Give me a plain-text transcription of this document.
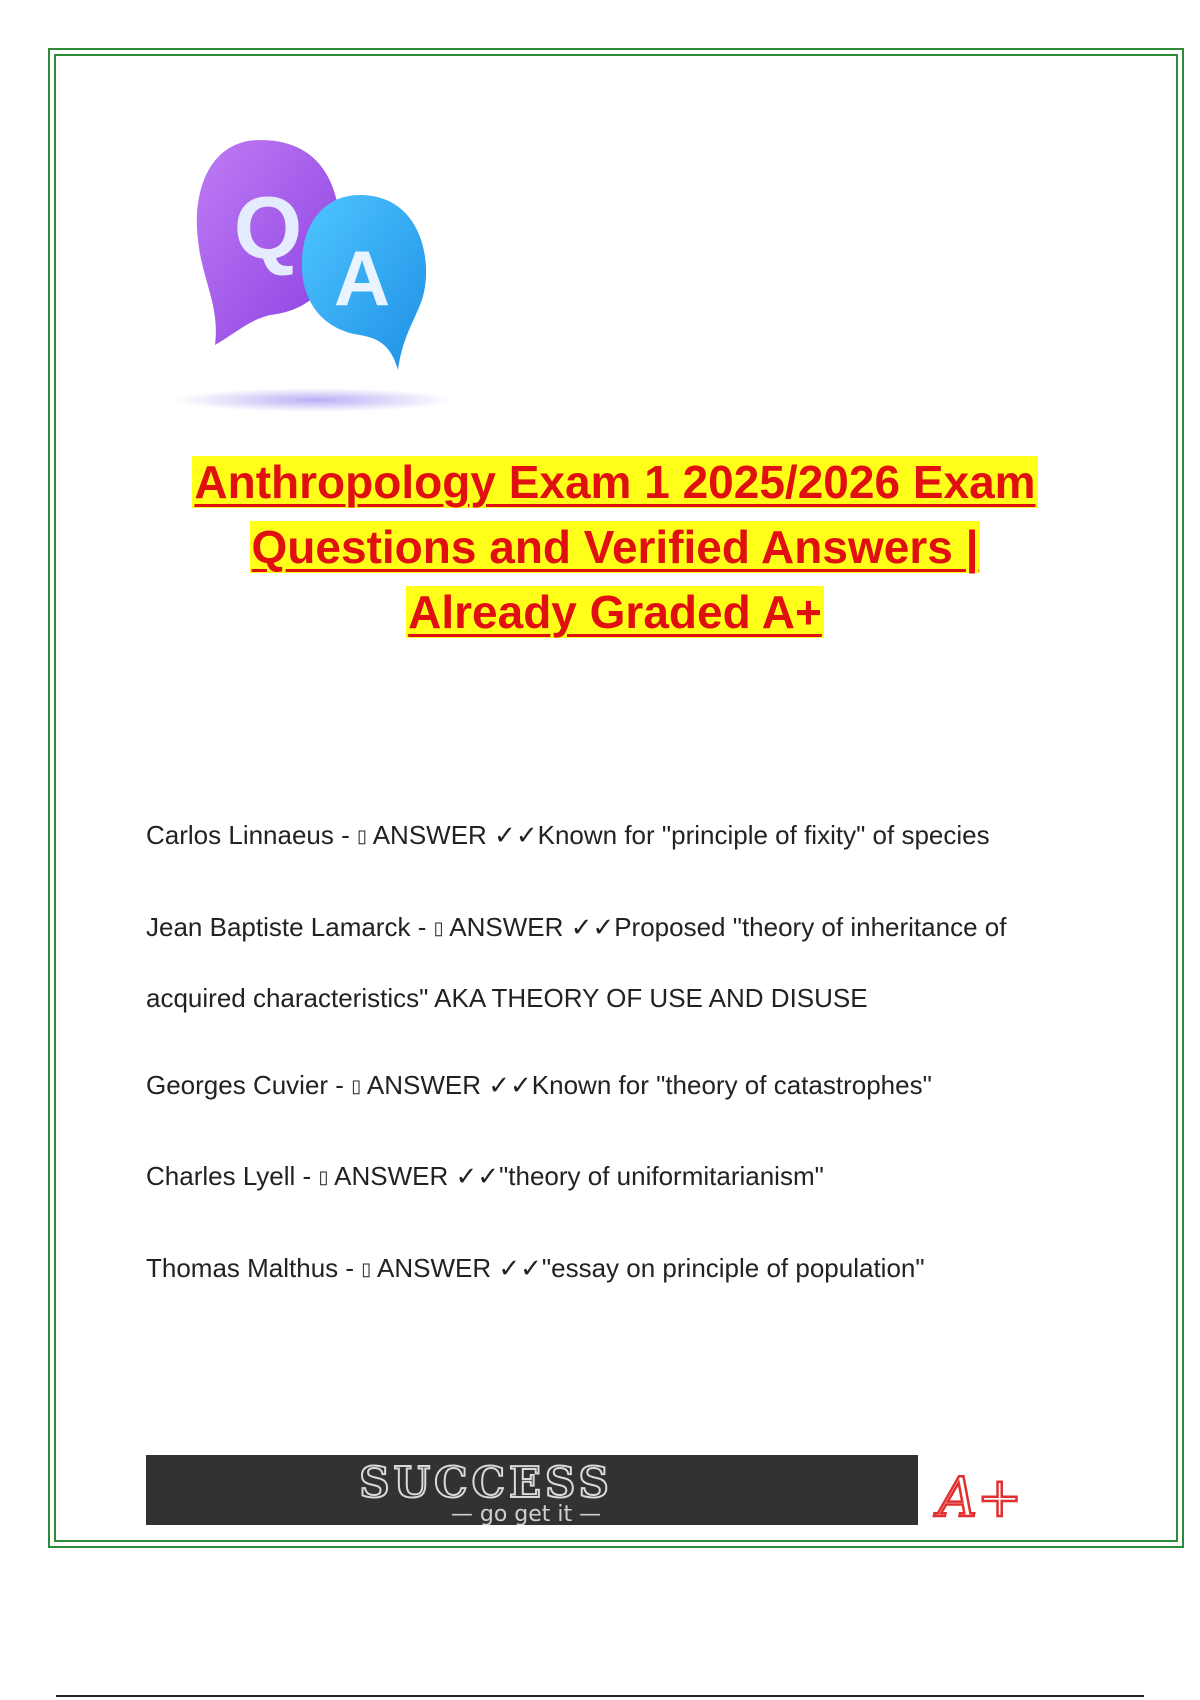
Q
A
Anthropology Exam 1 2025/2026 Exam
Questions and Verified Answers |
Already Graded A+
Carlos Linnaeus - ▯ ANSWER ✓✓Known for "principle of fixity" of species
Jean Baptiste Lamarck - ▯ ANSWER ✓✓Proposed "theory of inheritance of acquired characteristics" AKA THEORY OF USE AND DISUSE
Georges Cuvier - ▯ ANSWER ✓✓Known for "theory of catastrophes"
Charles Lyell - ▯ ANSWER ✓✓"theory of uniformitarianism"
Thomas Malthus - ▯ ANSWER ✓✓"essay on principle of population"
SUCCESS
— go get it —	A+
